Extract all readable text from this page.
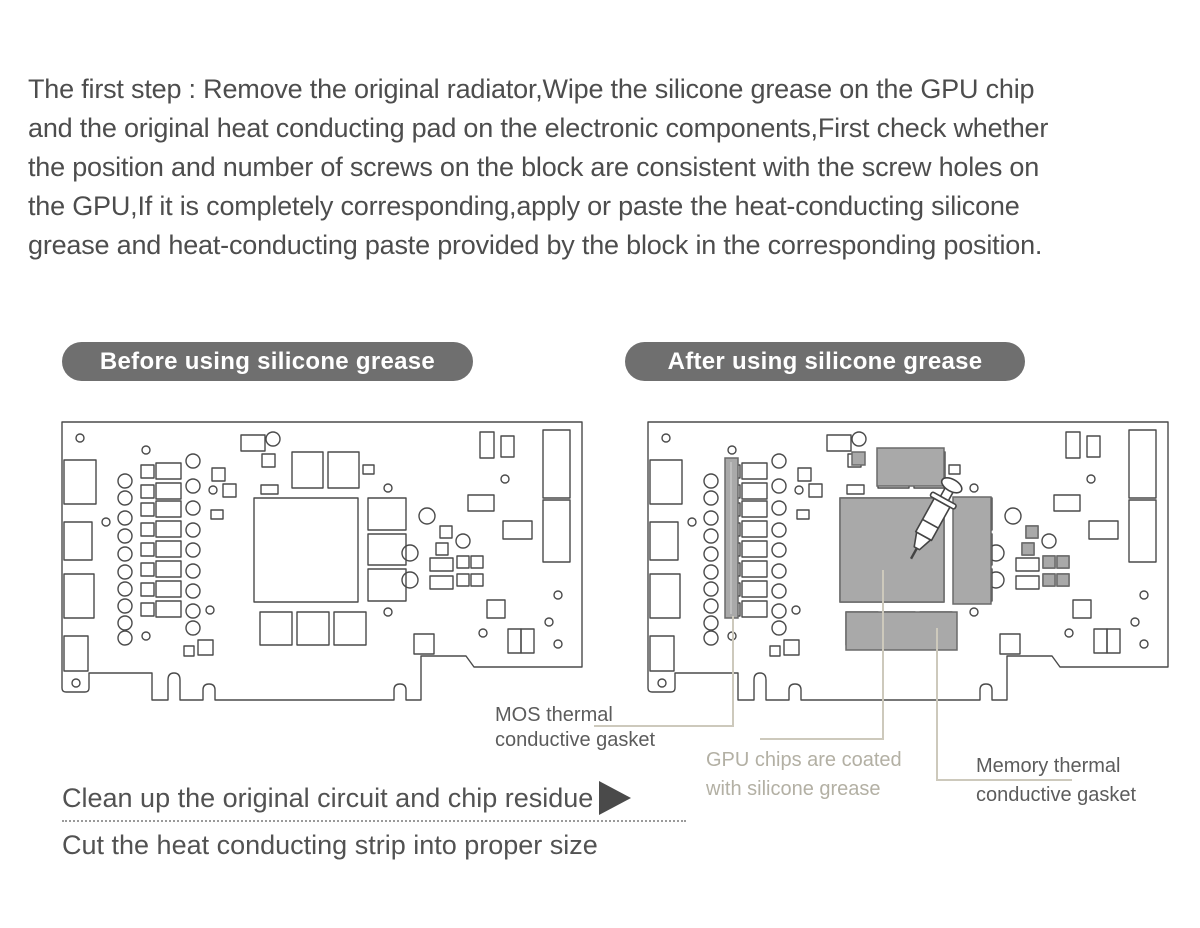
The first step : Remove the original radiator,Wipe the silicone grease on the GPU chip
and the original heat conducting pad on the electronic components,First check whether
the position and number of screws on the block are consistent with the screw holes on
the GPU,If it is completely corresponding,apply or paste the heat-conducting silicone
grease and heat-conducting paste provided by the block in the corresponding position.
Before using silicone grease	After using silicone grease
MOS thermal
conductive gasket
GPU chips are coated
with silicone grease
Memory thermal
conductive gasket
Clean up the original circuit and chip residue
Cut the heat conducting strip into proper size
